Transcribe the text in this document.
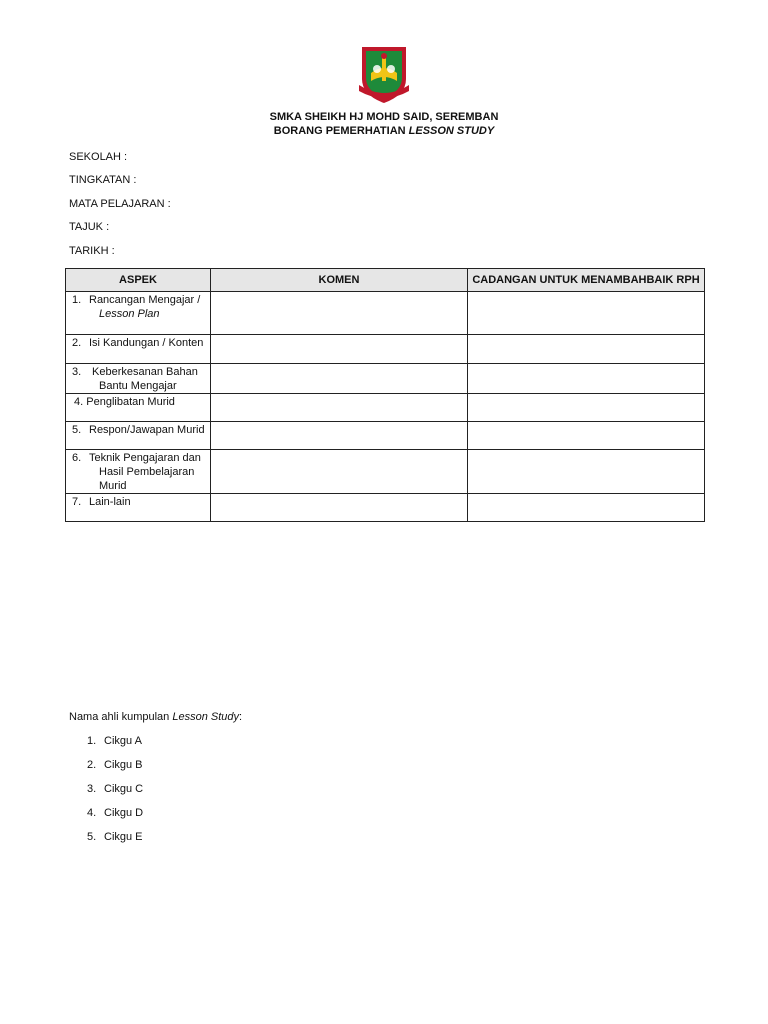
SMKA SHEIKH HJ MOHD SAID, SEREMBAN
BORANG PEMERHATIAN LESSON STUDY
SEKOLAH :
TINGKATAN :
MATA PELAJARAN :
TAJUK :
TARIKH :
ASPEK	KOMEN	CADANGAN UNTUK MENAMBAHBAIK RPH
1. Rancangan Mengajar /
Lesson Plan		
2. Isi Kandungan / Konten		
3. Keberkesanan Bahan
Bantu Mengajar		
4. Penglibatan Murid		
5. Respon/Jawapan Murid		
6. Teknik Pengajaran dan
Hasil Pembelajaran
Murid		
7. Lain-lain		
Nama ahli kumpulan Lesson Study:
1. Cikgu A
2. Cikgu B
3. Cikgu C
4. Cikgu D
5. Cikgu E
